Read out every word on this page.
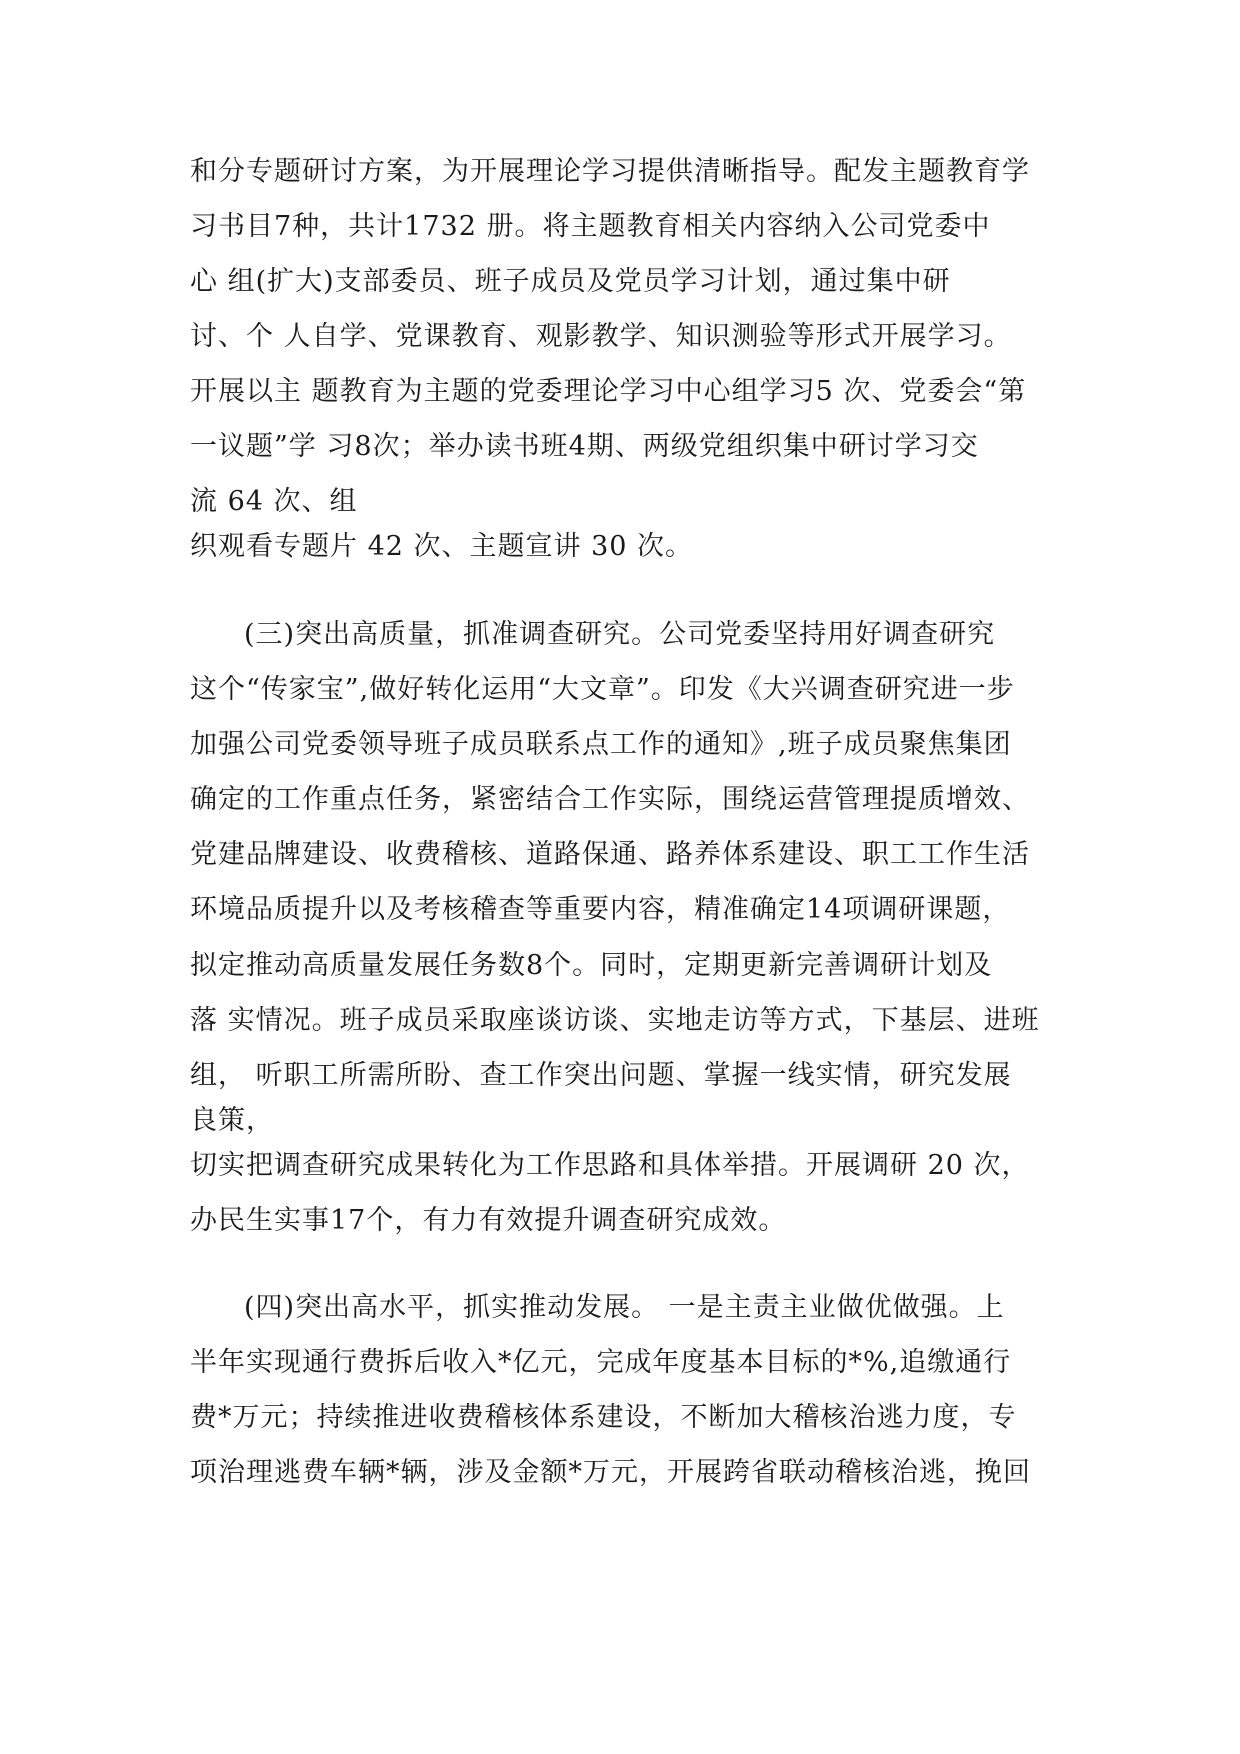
和分专题研讨方案，为开展理论学习提供清晰指导。配发主题教育学
习书目7种，共计1732 册。将主题教育相关内容纳入公司党委中
心 组(扩大)支部委员、班子成员及党员学习计划，通过集中研
讨、个 人自学、党课教育、观影教学、知识测验等形式开展学习。
开展以主 题教育为主题的党委理论学习中心组学习5 次、党委会“第
一议题”学 习8次；举办读书班4期、两级党组织集中研讨学习交
流 64 次、组
织观看专题片 42 次、主题宣讲 30 次。
(三)突出高质量，抓准调查研究。公司党委坚持用好调查研究
这个“传家宝”,做好转化运用“大文章”。印发《大兴调查研究进一步
加强公司党委领导班子成员联系点工作的通知》,班子成员聚焦集团
确定的工作重点任务，紧密结合工作实际，围绕运营管理提质增效、
党建品牌建设、收费稽核、道路保通、路养体系建设、职工工作生活
环境品质提升以及考核稽查等重要内容，精准确定14项调研课题，
拟定推动高质量发展任务数8个。同时，定期更新完善调研计划及
落 实情况。班子成员采取座谈访谈、实地走访等方式，下基层、进班
组， 听职工所需所盼、查工作突出问题、掌握一线实情，研究发展
良策，
切实把调查研究成果转化为工作思路和具体举措。开展调研 20 次，
办民生实事17个，有力有效提升调查研究成效。
(四)突出高水平，抓实推动发展。 一是主责主业做优做强。上
半年实现通行费拆后收入*亿元，完成年度基本目标的*%,追缴通行
费*万元；持续推进收费稽核体系建设，不断加大稽核治逃力度，专
项治理逃费车辆*辆，涉及金额*万元，开展跨省联动稽核治逃，挽回
